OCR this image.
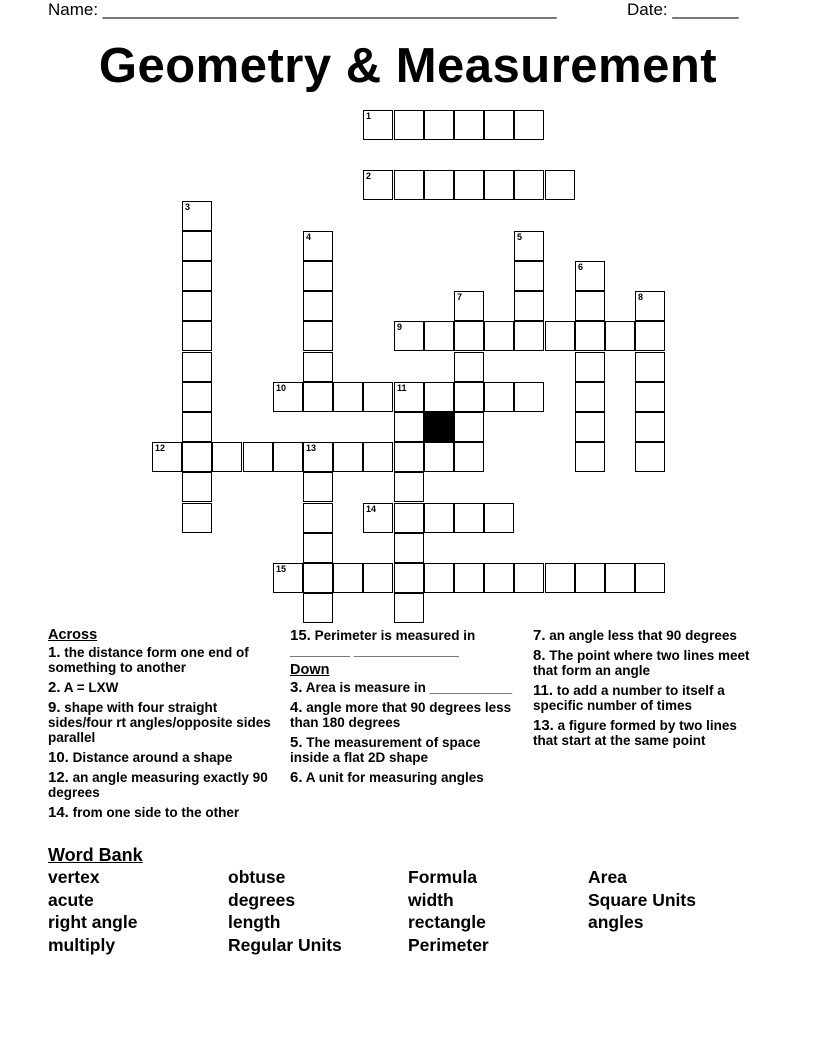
Name: ________________________________________________	Date: _______
Geometry & Measurement
1
2
3
4	5
6
7	8
9
10	11
12	13
14
15
Across
1. the distance form one end of something to another
2. A = LXW
9. shape with four straight sides/four rt angles/opposite sides parallel
10. Distance around a shape
12. an angle measuring exactly 90 degrees
14. from one side to the other
15. Perimeter is measured in ________ ______________
Down
3. Area is measure in ___________
4. angle more that 90 degrees less than 180 degrees
5. The measurement of space inside a flat 2D shape
6. A unit for measuring angles
7. an angle less that 90 degrees
8. The point where two lines meet that form an angle
11. to add a number to itself a specific number of times
13. a figure formed by two lines that start at the same point
Word Bank
vertex
acute
right angle
multiply
obtuse
degrees
length
Regular Units
Formula
width
rectangle
Perimeter
Area
Square Units
angles
